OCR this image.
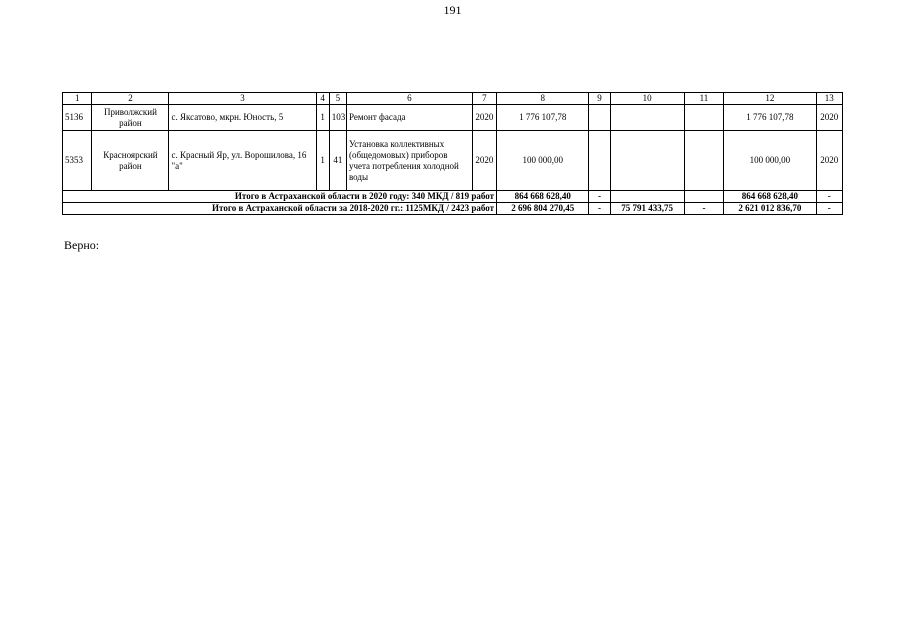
191
1	2	3	4	5	6	7	8	9	10	11	12	13
5136	Приволжский район	с. Яксатово, мкрн. Юность, 5	1	103	Ремонт фасада	2020	1 776 107,78				1 776 107,78	2020
5353	Красноярский район	с. Красный Яр, ул. Ворошилова, 16 "а"	1	41	Установка коллективных (общедомовых) приборов учета потребления холодной воды	2020	100 000,00				100 000,00	2020
Итого в Астраханской области в 2020 году: 340 МКД / 819 работ							864 668 628,40	-			864 668 628,40	-
Итого в Астраханской области за 2018-2020 гг.: 1125МКД / 2423 работ							2 696 804 270,45	-	75 791 433,75	-	2 621 012 836,70	-
Верно:
